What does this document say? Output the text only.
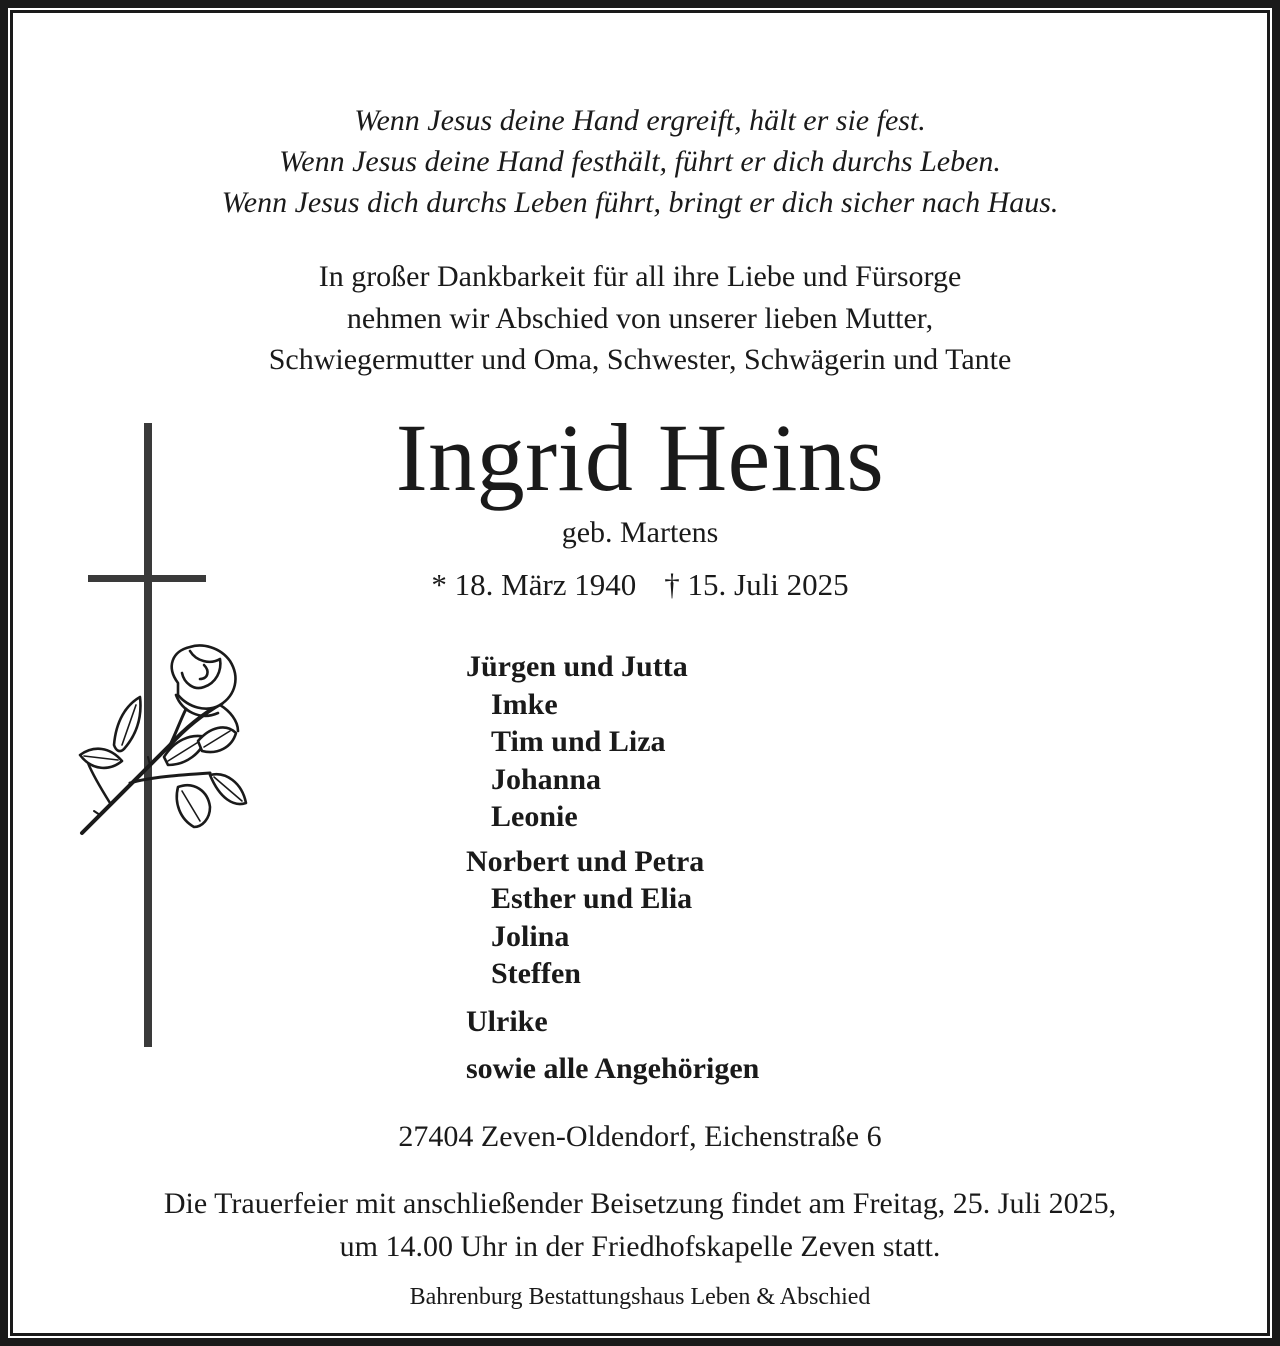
Wenn Jesus deine Hand ergreift, hält er sie fest.
Wenn Jesus deine Hand festhält, führt er dich durchs Leben.
Wenn Jesus dich durchs Leben führt, bringt er dich sicher nach Haus.
In großer Dankbarkeit für all ihre Liebe und Fürsorge
nehmen wir Abschied von unserer lieben Mutter,
Schwiegermutter und Oma, Schwester, Schwägerin und Tante
Ingrid Heins
geb. Martens
* 18. März 1940 † 15. Juli 2025
Jürgen und Jutta
Imke
Tim und Liza
Johanna
Leonie
Norbert und Petra
Esther und Elia
Jolina
Steffen
Ulrike
sowie alle Angehörigen
27404 Zeven-Oldendorf, Eichenstraße 6
Die Trauerfeier mit anschließender Beisetzung findet am Freitag, 25. Juli 2025,
um 14.00 Uhr in der Friedhofskapelle Zeven statt.
Bahrenburg Bestattungshaus Leben & Abschied
